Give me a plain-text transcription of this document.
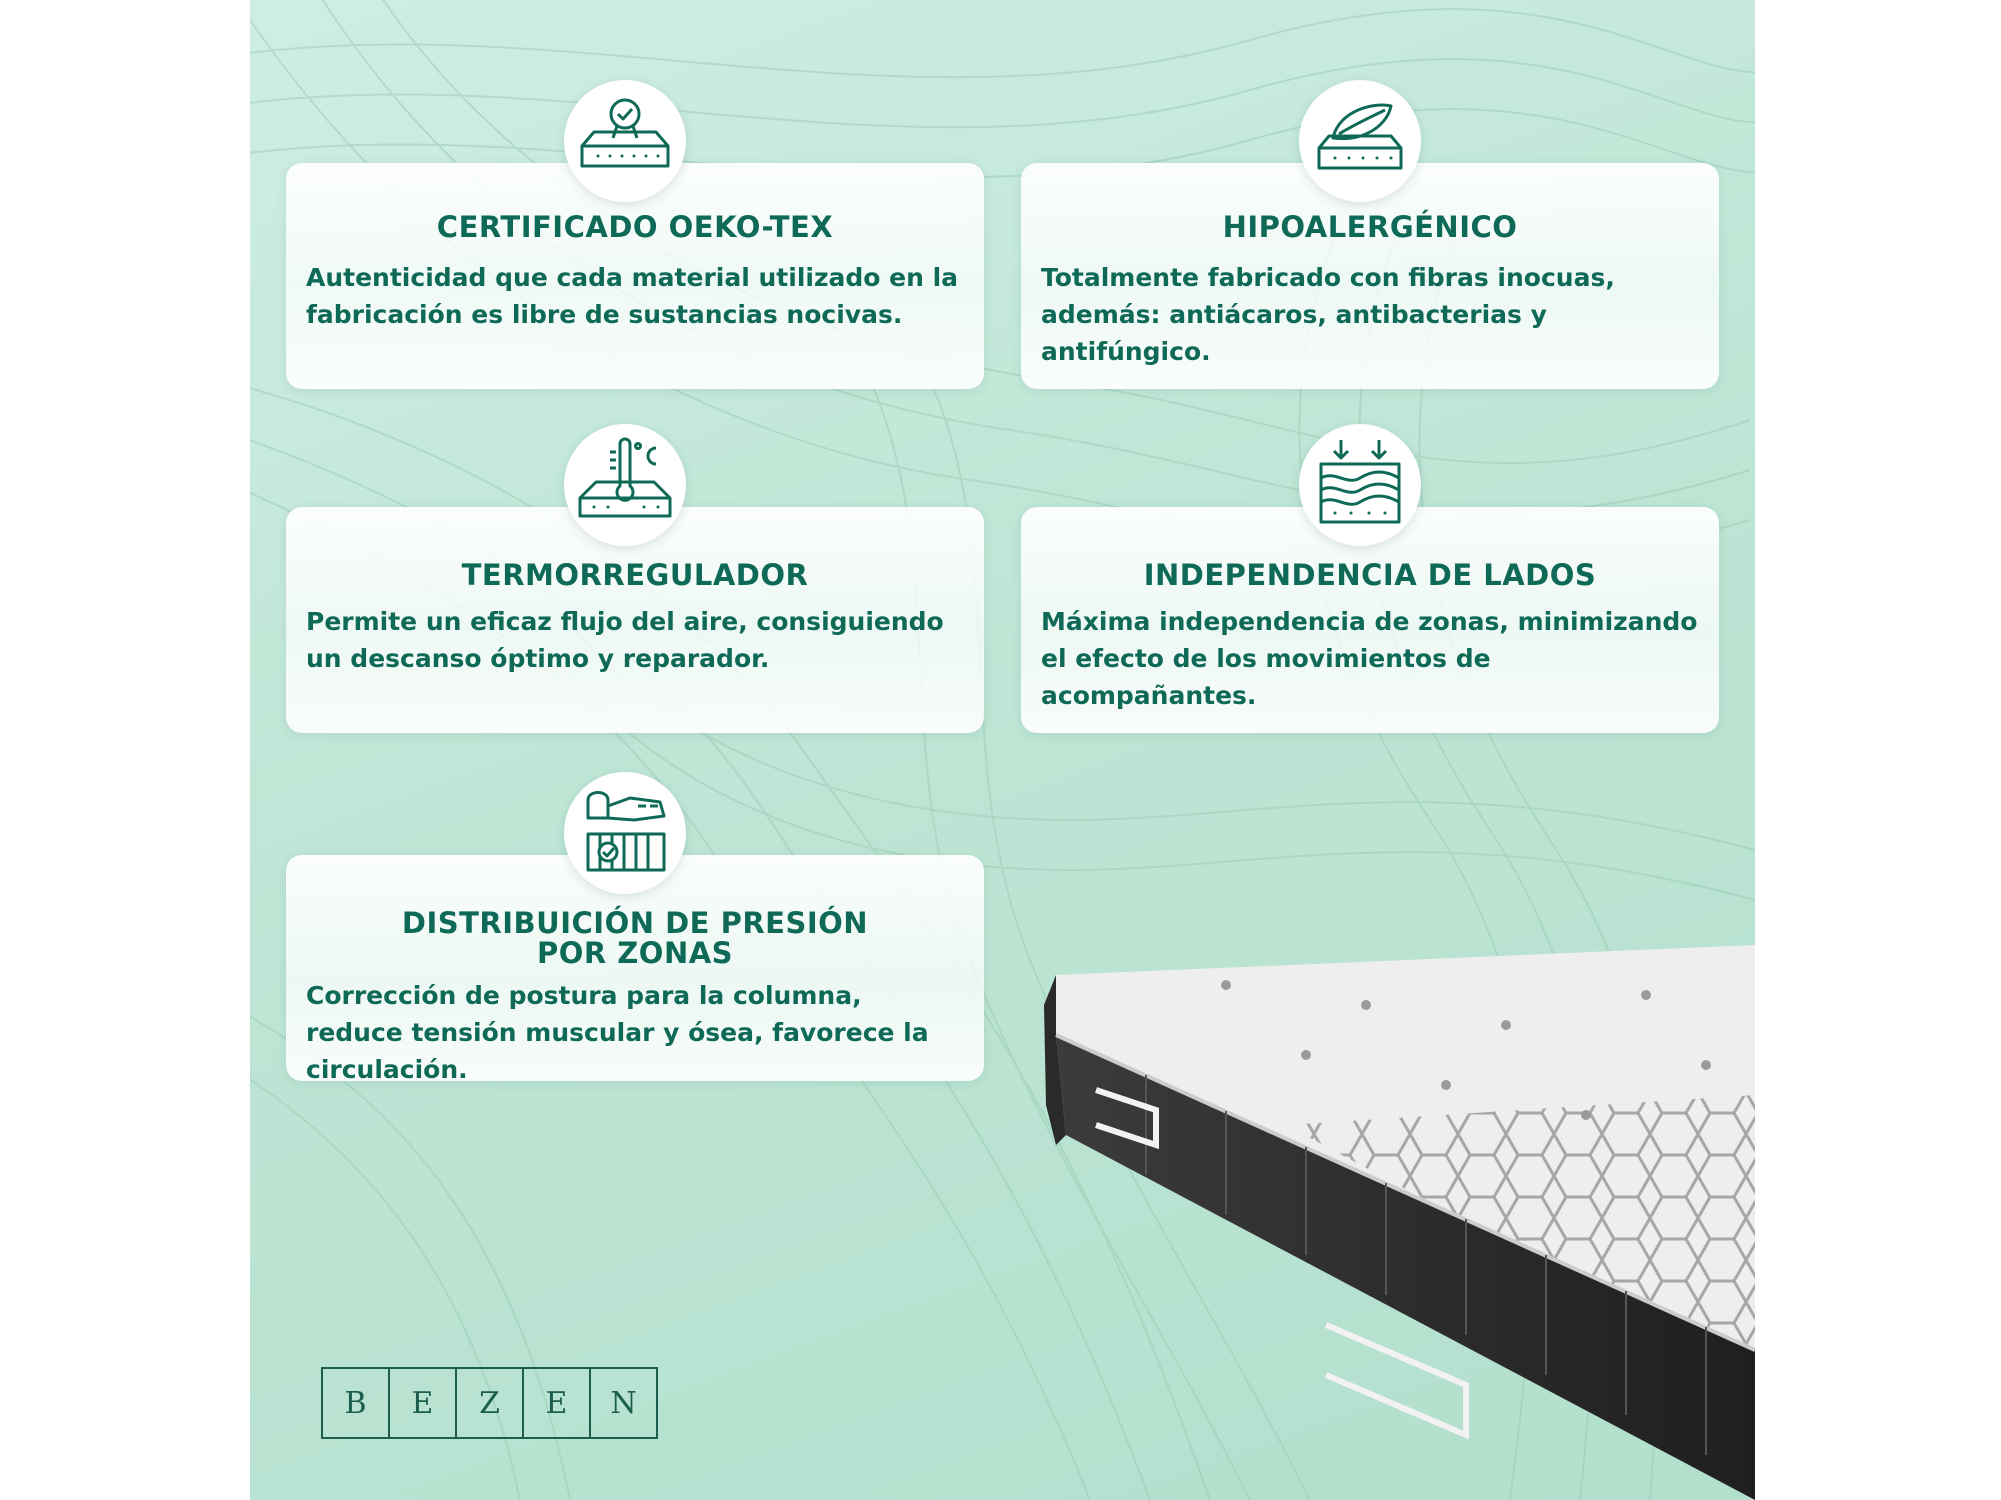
CERTIFICADO OEKO-TEX
Autenticidad que cada material utilizado en la fabricación es libre de sustancias nocivas.
HIPOALERGÉNICO
Totalmente fabricado con fibras inocuas, además: antiácaros, antibacterias y antifúngico.
TERMORREGULADOR
Permite un eficaz flujo del aire, consiguiendo un descanso óptimo y reparador.
INDEPENDENCIA DE LADOS
Máxima independencia de zonas, minimizando el efecto de los movimientos de acompañantes.
DISTRIBUICIÓN DE PRESIÓN
POR ZONAS
Corrección de postura para la columna, reduce tensión muscular y ósea, favorece la circulación.
B	E	Z	E	N
